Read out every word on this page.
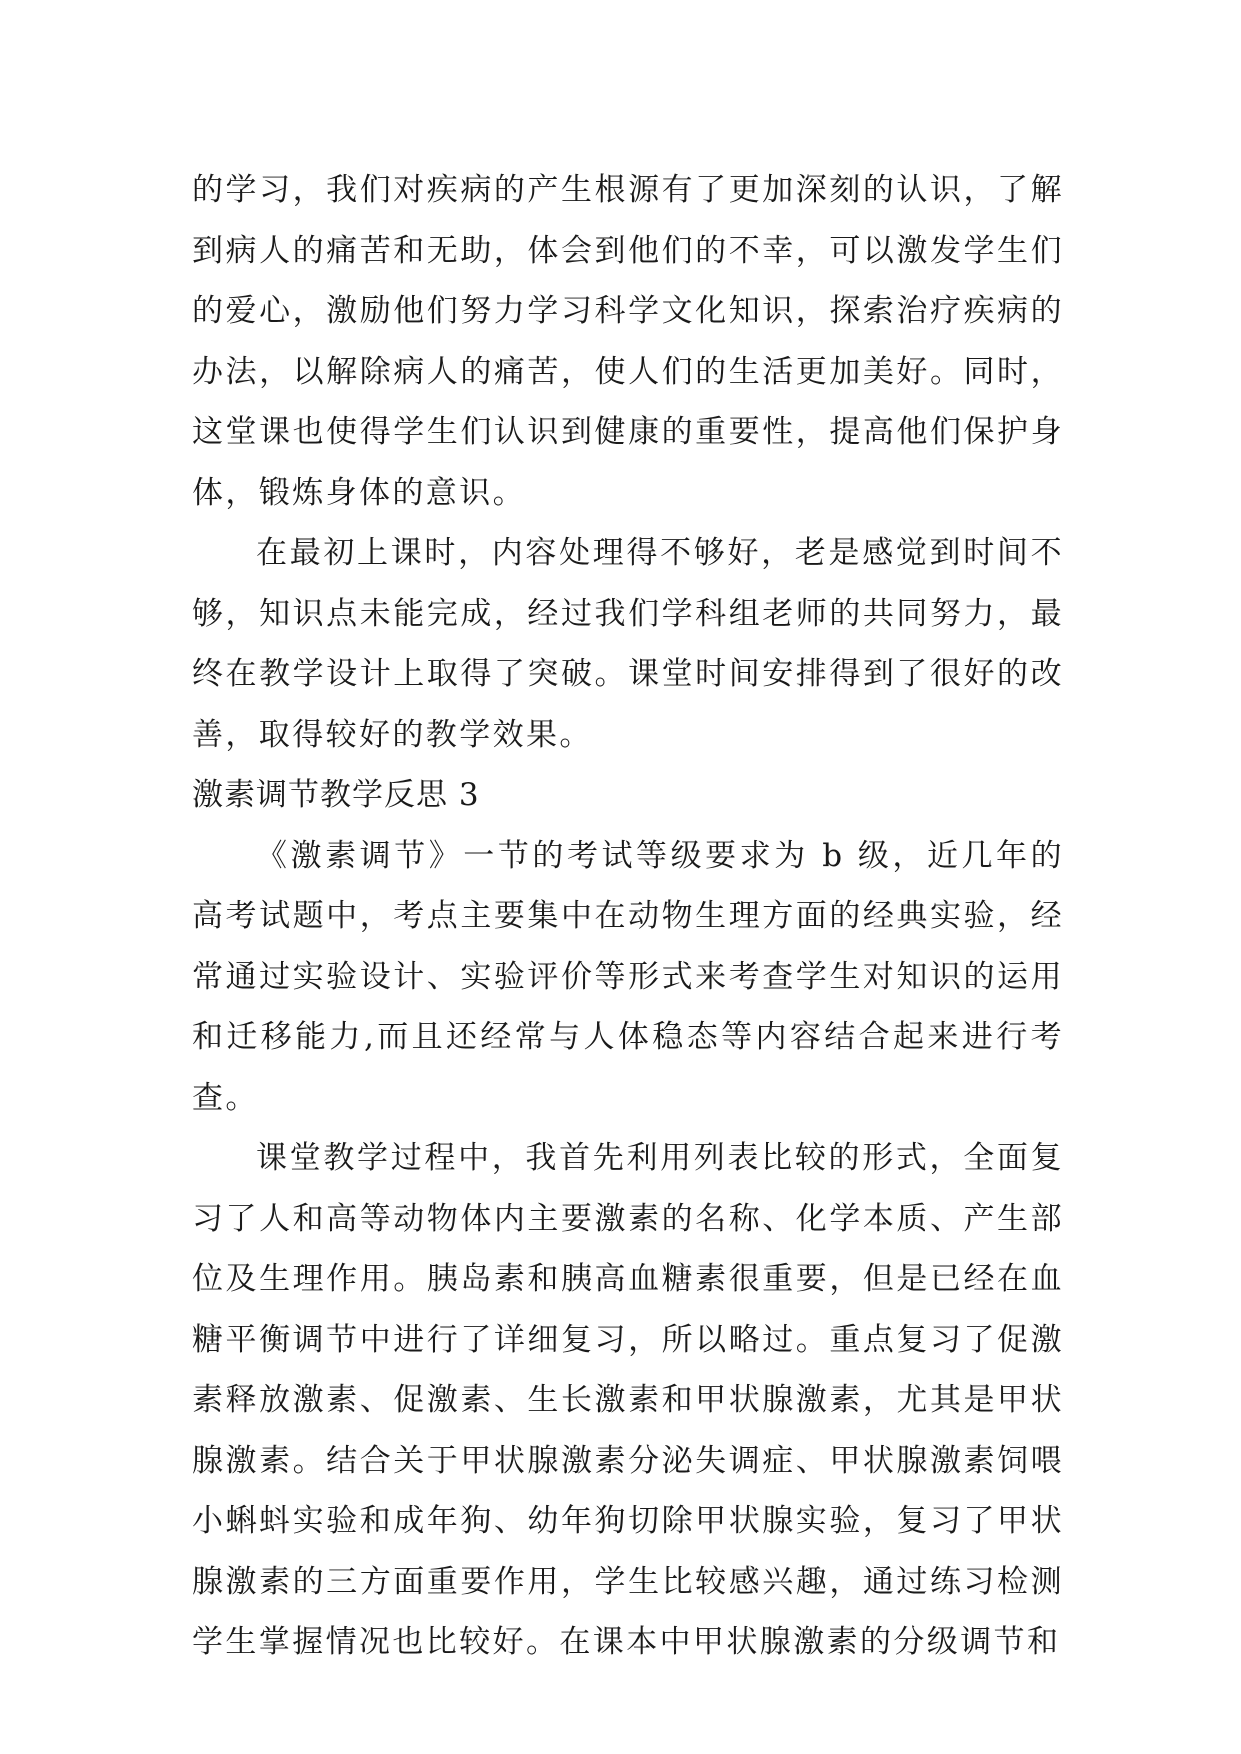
的学习，我们对疾病的产生根源有了更加深刻的认识，了解到病人的痛苦和无助，体会到他们的不幸，可以激发学生们的爱心，激励他们努力学习科学文化知识，探索治疗疾病的办法，以解除病人的痛苦，使人们的生活更加美好。同时，这堂课也使得学生们认识到健康的重要性，提高他们保护身体，锻炼身体的意识。

在最初上课时，内容处理得不够好，老是感觉到时间不够，知识点未能完成，经过我们学科组老师的共同努力，最终在教学设计上取得了突破。课堂时间安排得到了很好的改善，取得较好的教学效果。

激素调节教学反思 3

《激素调节》一节的考试等级要求为 b 级，近几年的高考试题中，考点主要集中在动物生理方面的经典实验，经常通过实验设计、实验评价等形式来考查学生对知识的运用和迁移能力,而且还经常与人体稳态等内容结合起来进行考查。

课堂教学过程中，我首先利用列表比较的形式，全面复习了人和高等动物体内主要激素的名称、化学本质、产生部位及生理作用。胰岛素和胰高血糖素很重要，但是已经在血糖平衡调节中进行了详细复习，所以略过。重点复习了促激素释放激素、促激素、生长激素和甲状腺激素，尤其是甲状腺激素。结合关于甲状腺激素分泌失调症、甲状腺激素饲喂小蝌蚪实验和成年狗、幼年狗切除甲状腺实验，复习了甲状腺激素的三方面重要作用，学生比较感兴趣，通过练习检测学生掌握情况也比较好。在课本中甲状腺激素的分级调节和
